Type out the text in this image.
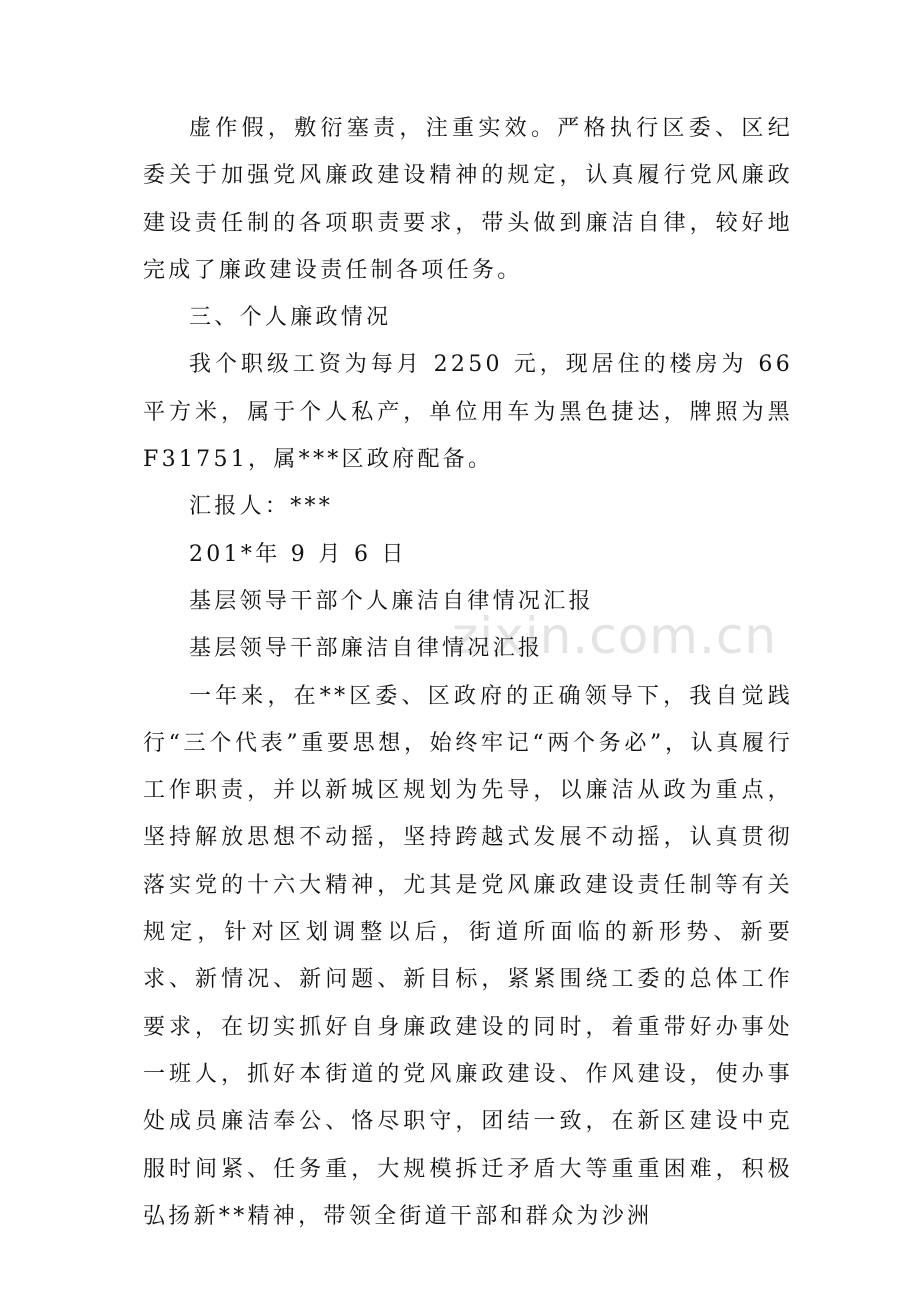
zixin.com.cn

虚作假，敷衍塞责，注重实效。严格执行区委、区纪委关于加强党风廉政建设精神的规定，认真履行党风廉政建设责任制的各项职责要求，带头做到廉洁自律，较好地完成了廉政建设责任制各项任务。

三、个人廉政情况

我个职级工资为每月 2250 元，现居住的楼房为 66 平方米，属于个人私产，单位用车为黑色捷达，牌照为黑 F31751，属***区政府配备。

汇报人：***

201*年 9 月 6 日

基层领导干部个人廉洁自律情况汇报

基层领导干部廉洁自律情况汇报

一年来，在**区委、区政府的正确领导下，我自觉践行“三个代表”重要思想，始终牢记“两个务必”，认真履行工作职责，并以新城区规划为先导，以廉洁从政为重点，坚持解放思想不动摇，坚持跨越式发展不动摇，认真贯彻落实党的十六大精神，尤其是党风廉政建设责任制等有关规定，针对区划调整以后，街道所面临的新形势、新要求、新情况、新问题、新目标，紧紧围绕工委的总体工作要求，在切实抓好自身廉政建设的同时，着重带好办事处一班人，抓好本街道的党风廉政建设、作风建设，使办事处成员廉洁奉公、恪尽职守，团结一致，在新区建设中克服时间紧、任务重，大规模拆迁矛盾大等重重困难，积极弘扬新**精神，带领全街道干部和群众为沙洲
